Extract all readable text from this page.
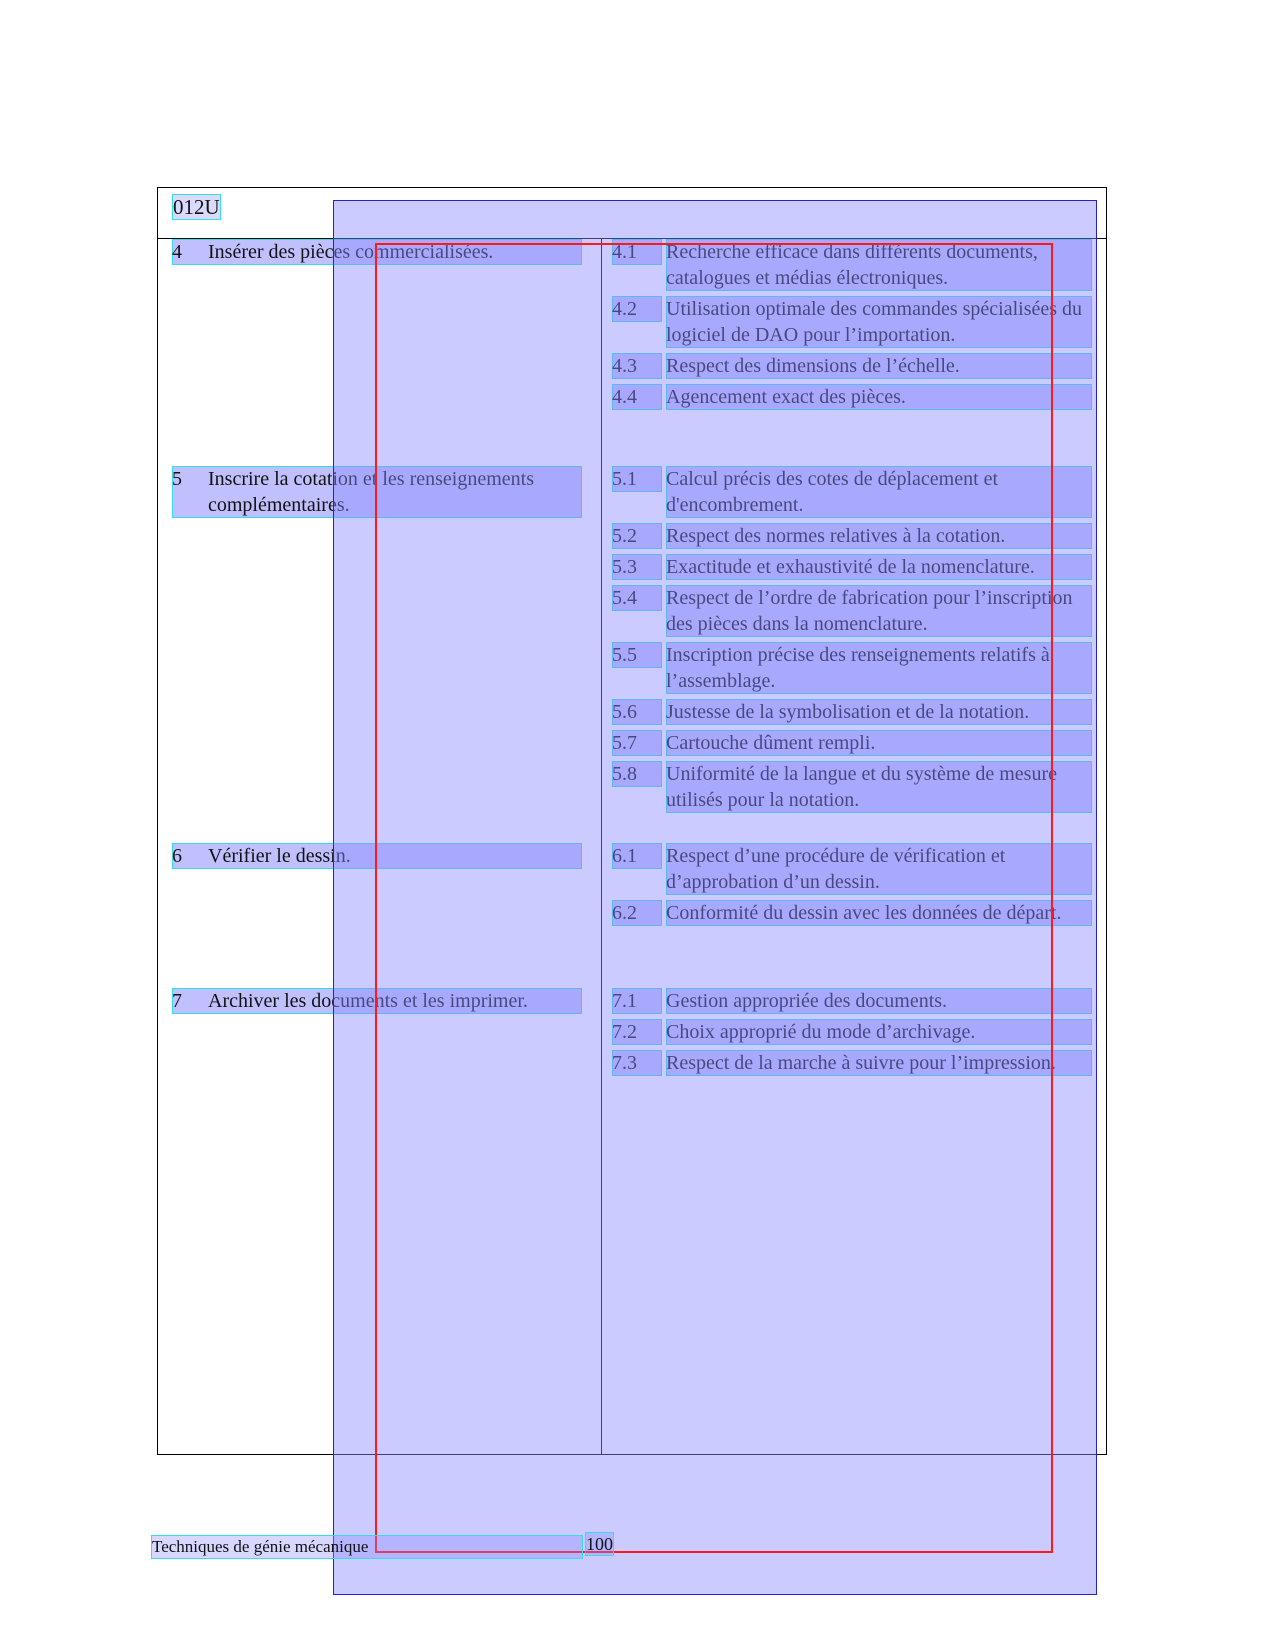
012U
4	Insérer des pièces commercialisées.	4.1	Recherche efficace dans différents documents, catalogues et médias électroniques.
4.2	Utilisation optimale des commandes spécialisées du logiciel de DAO pour l’importation.
4.3	Respect des dimensions de l’échelle.
4.4	Agencement exact des pièces.
5	Inscrire la cotation et les renseignements complémentaires.
5.1	Calcul précis des cotes de déplacement et d'encombrement.
5.2	Respect des normes relatives à la cotation.
5.3	Exactitude et exhaustivité de la nomenclature.
5.4	Respect de l’ordre de fabrication pour l’inscription des pièces dans la nomenclature.
5.5	Inscription précise des renseignements relatifs à l’assemblage.
5.6	Justesse de la symbolisation et de la notation.
5.7	Cartouche dûment rempli.
5.8	Uniformité de la langue et du système de mesure utilisés pour la notation.
6	Vérifier le dessin.	6.1	Respect d’une procédure de vérification et d’approbation d’un dessin.
6.2	Conformité du dessin avec les données de départ.
7	Archiver les documents et les imprimer.	7.1	Gestion appropriée des documents.
7.2	Choix approprié du mode d’archivage.
7.3	Respect de la marche à suivre pour l’impression.
Techniques de génie mécanique	100
